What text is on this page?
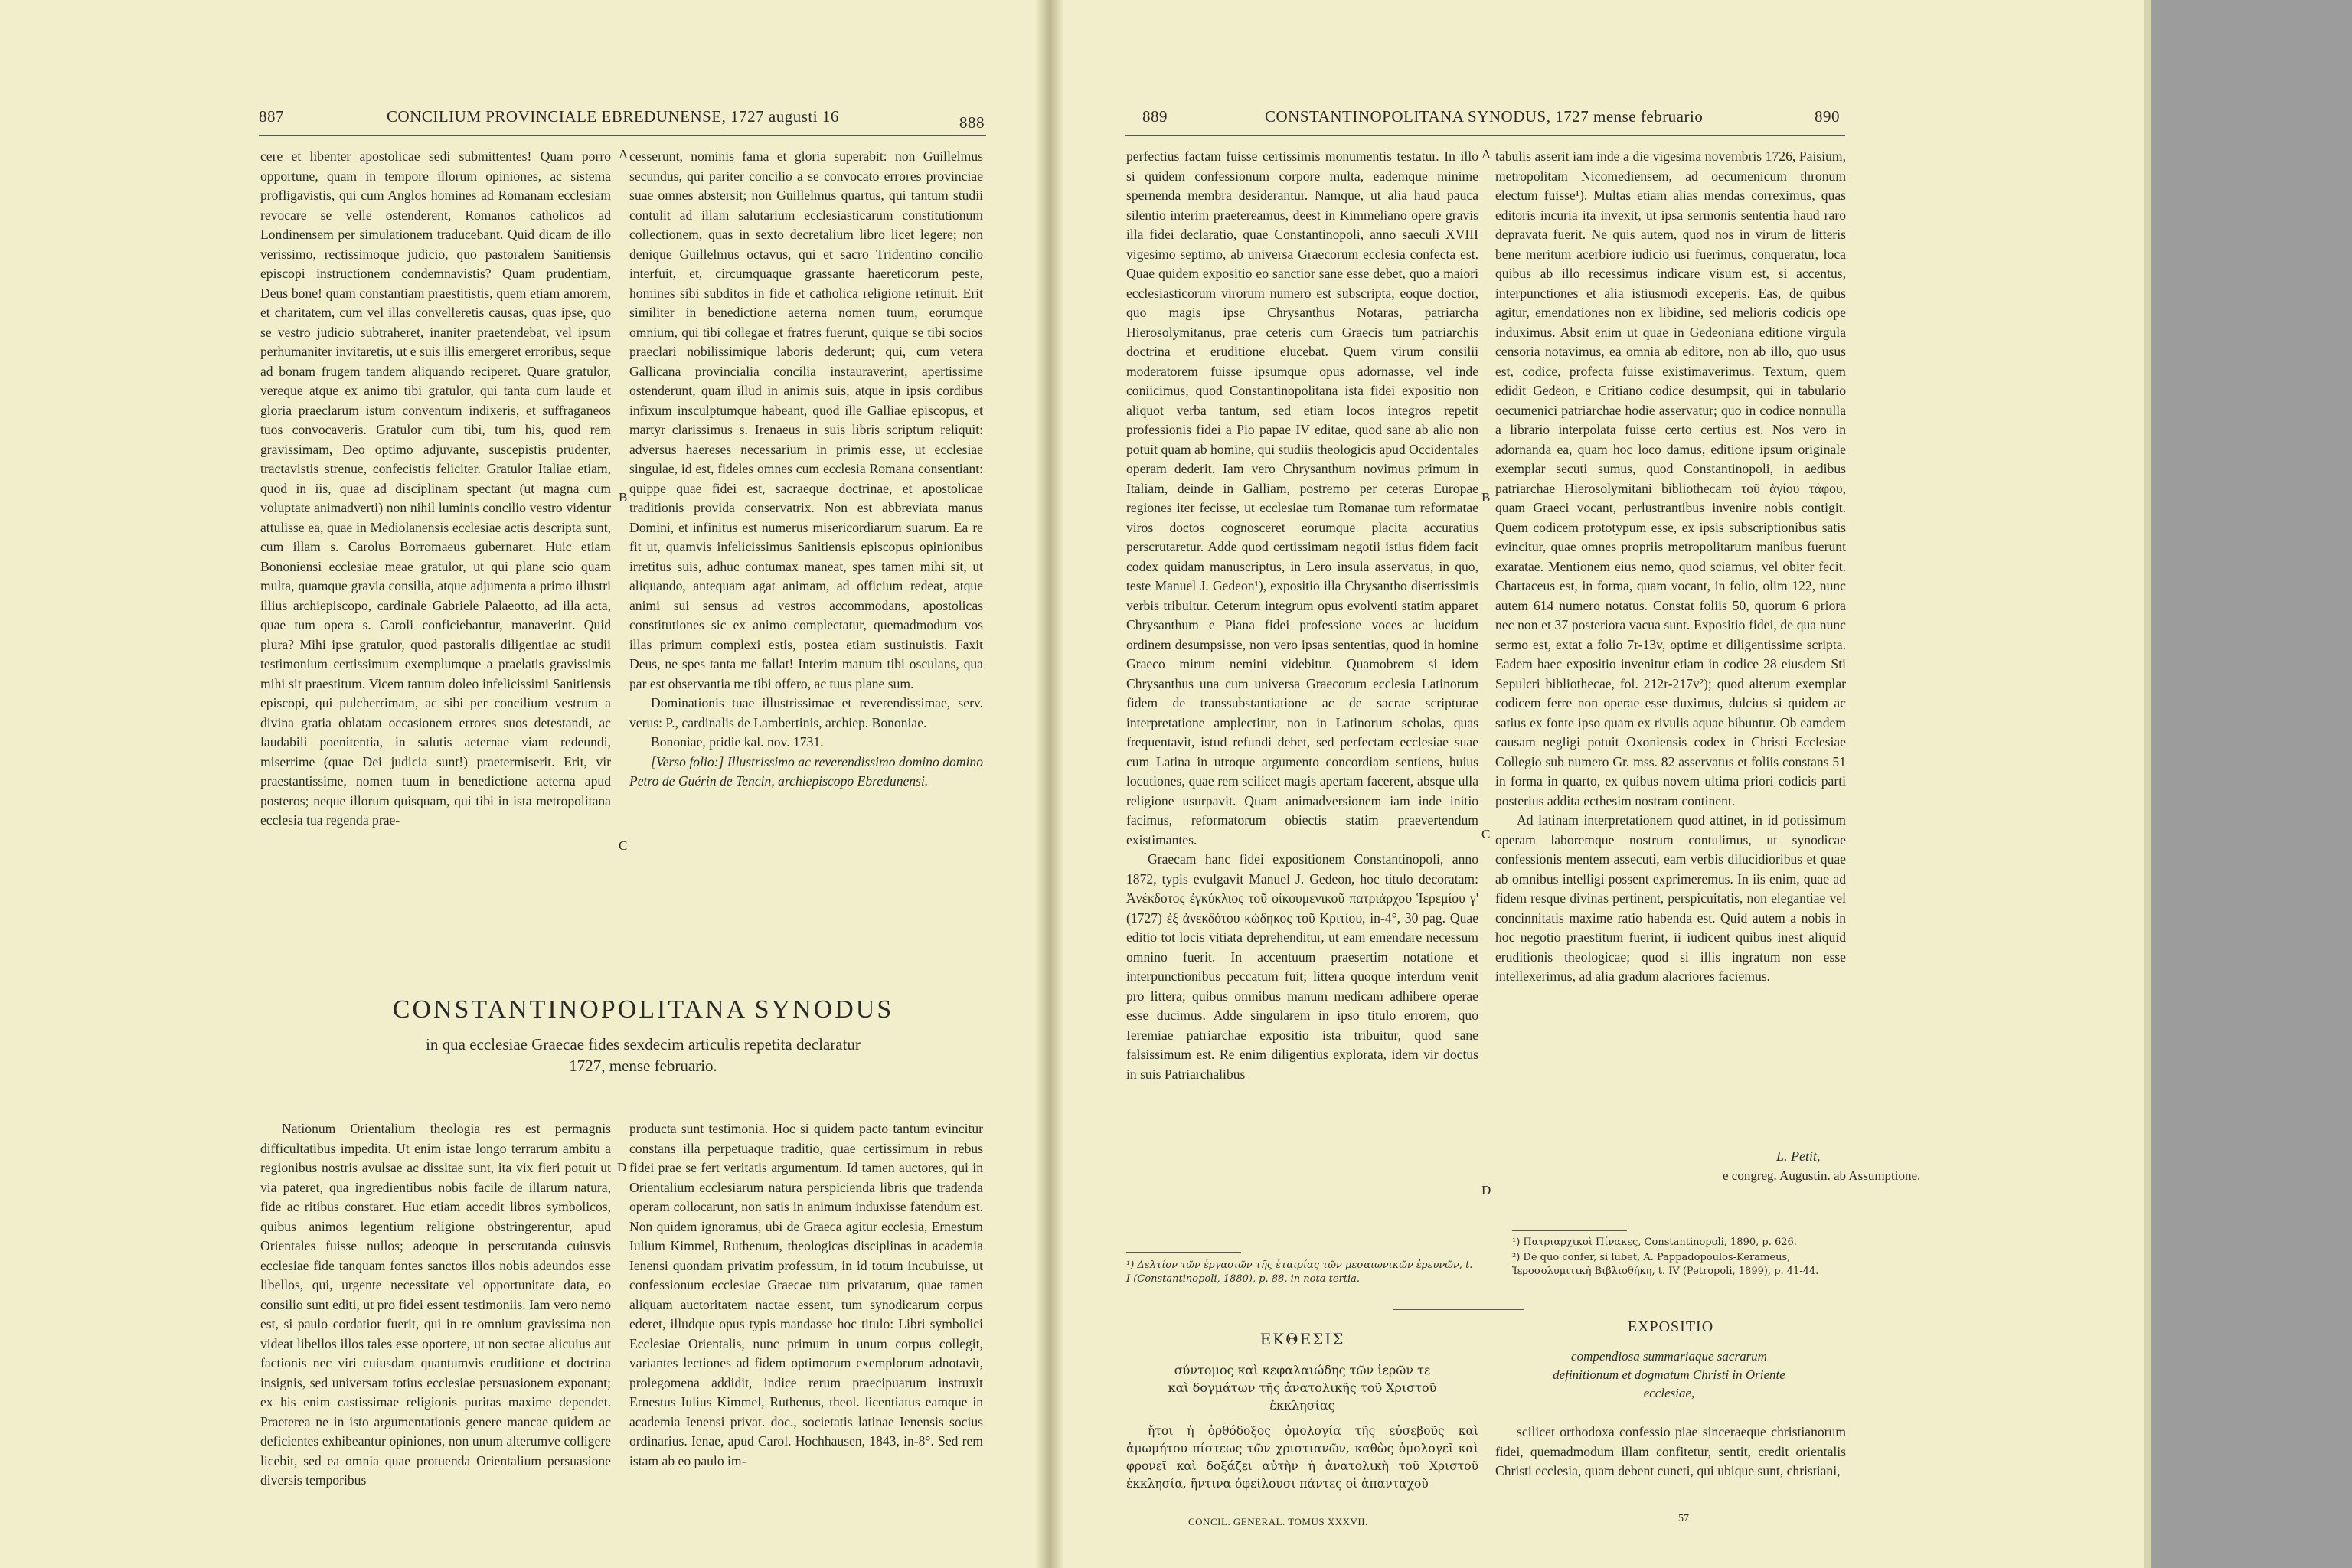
887	CONCILIUM PROVINCIALE EBREDUNENSE, 1727 augusti 16	888

cere et libenter apostolicae sedi submittentes! Quam porro opportune, quam in tempore illorum opiniones, ac sistema profligavistis, qui cum Anglos homines ad Romanam ecclesiam revocare se velle ostenderent, Romanos catholicos ad Londinensem per simulationem traducebant. Quid dicam de illo verissimo, rectissimoque judicio, quo pastoralem Sanitiensis episcopi instructionem condemnavistis? Quam prudentiam, Deus bone! quam constantiam praestitistis, quem etiam amorem, et charitatem, cum vel illas convelleretis causas, quas ipse, quo se vestro judicio subtraheret, inaniter praetendebat, vel ipsum perhumaniter invitaretis, ut e suis illis emergeret erroribus, seque ad bonam frugem tandem aliquando reciperet. Quare gratulor, vereque atque ex animo tibi gratulor, qui tanta cum laude et gloria praeclarum istum conventum indixeris, et suffraganeos tuos convocaveris. Gratulor cum tibi, tum his, quod rem gravissimam, Deo optimo adjuvante, suscepistis prudenter, tractavistis strenue, confecistis feliciter. Gratulor Italiae etiam, quod in iis, quae ad disciplinam spectant (ut magna cum voluptate animadverti) non nihil luminis concilio vestro videntur attulisse ea, quae in Mediolanensis ecclesiae actis descripta sunt, cum illam s. Carolus Borromaeus gubernaret. Huic etiam Bononiensi ecclesiae meae gratulor, ut qui plane scio quam multa, quamque gravia consilia, atque adjumenta a primo illustri illius archiepiscopo, cardinale Gabriele Palaeotto, ad illa acta, quae tum opera s. Caroli conficiebantur, manaverint. Quid plura? Mihi ipse gratulor, quod pastoralis diligentiae ac studii testimonium certissimum exemplumque a praelatis gravissimis mihi sit praestitum. Vicem tantum doleo infelicissimi Sanitiensis episcopi, qui pulcherrimam, ac sibi per concilium vestrum a divina gratia oblatam occasionem errores suos detestandi, ac laudabili poenitentia, in salutis aeternae viam redeundi, miserrime (quae Dei judicia sunt!) praetermiserit. Erit, vir praestantissime, nomen tuum in benedictione aeterna apud posteros; neque illorum quisquam, qui tibi in ista metropolitana ecclesia tua regenda prae-

A
B
C
D

cesserunt, nominis fama et gloria superabit: non Guillelmus secundus, qui pariter concilio a se convocato errores provinciae suae omnes abstersit; non Guillelmus quartus, qui tantum studii contulit ad illam salutarium ecclesiasticarum constitutionum collectionem, quas in sexto decretalium libro licet legere; non denique Guillelmus octavus, qui et sacro Tridentino concilio interfuit, et, circumquaque grassante haereticorum peste, homines sibi subditos in fide et catholica religione retinuit. Erit similiter in benedictione aeterna nomen tuum, eorumque omnium, qui tibi collegae et fratres fuerunt, quique se tibi socios praeclari nobilissimique laboris dederunt; qui, cum vetera Gallicana provincialia concilia instauraverint, apertissime ostenderunt, quam illud in animis suis, atque in ipsis cordibus infixum insculptumque habeant, quod ille Galliae episcopus, et martyr clarissimus s. Irenaeus in suis libris scriptum reliquit: adversus haereses necessarium in primis esse, ut ecclesiae singulae, id est, fideles omnes cum ecclesia Romana consentiant: quippe quae fidei est, sacraeque doctrinae, et apostolicae traditionis provida conservatrix. Non est abbreviata manus Domini, et infinitus est numerus misericordiarum suarum. Ea re fit ut, quamvis infelicissimus Sanitiensis episcopus opinionibus irretitus suis, adhuc contumax maneat, spes tamen mihi sit, ut aliquando, antequam agat animam, ad officium redeat, atque animi sui sensus ad vestros accommodans, apostolicas constitutiones sic ex animo complectatur, quemadmodum vos illas primum complexi estis, postea etiam sustinuistis. Faxit Deus, ne spes tanta me fallat! Interim manum tibi osculans, qua par est observantia me tibi offero, ac tuus plane sum.

Dominationis tuae illustrissimae et reverendissimae, serv. verus: P., cardinalis de Lambertinis, archiep. Bononiae.

Bononiae, pridie kal. nov. 1731.

[Verso folio:] Illustrissimo ac reverendissimo domino domino Petro de Guérin de Tencin, archiepiscopo Ebredunensi.

CONSTANTINOPOLITANA SYNODUS
in qua ecclesiae Graecae fides sexdecim articulis repetita declaratur
1727, mense februario.

Nationum Orientalium theologia res est permagnis difficultatibus impedita. Ut enim istae longo terrarum ambitu a regionibus nostris avulsae ac dissitae sunt, ita vix fieri potuit ut via pateret, qua ingredientibus nobis facile de illarum natura, fide ac ritibus constaret. Huc etiam accedit libros symbolicos, quibus animos legentium religione obstringerentur, apud Orientales fuisse nullos; adeoque in perscrutanda cuiusvis ecclesiae fide tanquam fontes sanctos illos nobis adeundos esse libellos, qui, urgente necessitate vel opportunitate data, eo consilio sunt editi, ut pro fidei essent testimoniis. Iam vero nemo est, si paulo cordatior fuerit, qui in re omnium gravissima non videat libellos illos tales esse oportere, ut non sectae alicuius aut factionis nec viri cuiusdam quantumvis eruditione et doctrina insignis, sed universam totius ecclesiae persuasionem exponant; ex his enim castissimae religionis puritas maxime dependet. Praeterea ne in isto argumentationis genere mancae quidem ac deficientes exhibeantur opiniones, non unum alterumve colligere licebit, sed ea omnia quae protuenda Orientalium persuasione diversis temporibus

producta sunt testimonia. Hoc si quidem pacto tantum evincitur constans illa perpetuaque traditio, quae certissimum in rebus fidei prae se fert veritatis argumentum. Id tamen auctores, qui in Orientalium ecclesiarum natura perspicienda libris que tradenda operam collocarunt, non satis in animum induxisse fatendum est. Non quidem ignoramus, ubi de Graeca agitur ecclesia, Ernestum Iulium Kimmel, Ruthenum, theologicas disciplinas in academia Ienensi quondam privatim professum, in id totum incubuisse, ut confessionum ecclesiae Graecae tum privatarum, quae tamen aliquam auctoritatem nactae essent, tum synodicarum corpus ederet, illudque opus typis mandasse hoc titulo: Libri symbolici Ecclesiae Orientalis, nunc primum in unum corpus collegit, variantes lectiones ad fidem optimorum exemplorum adnotavit, prolegomena addidit, indice rerum praecipuarum instruxit Ernestus Iulius Kimmel, Ruthenus, theol. licentiatus eamque in academia Ienensi privat. doc., societatis latinae Ienensis socius ordinarius. Ienae, apud Carol. Hochhausen, 1843, in-8°. Sed rem istam ab eo paulo im-

889	CONSTANTINOPOLITANA SYNODUS, 1727 mense februario	890

perfectius factam fuisse certissimis monumentis testatur. In illo si quidem confessionum corpore multa, eademque minime spernenda membra desiderantur. Namque, ut alia haud pauca silentio interim praetereamus, deest in Kimmeliano opere gravis illa fidei declaratio, quae Constantinopoli, anno saeculi XVIII vigesimo septimo, ab universa Graecorum ecclesia confecta est. Quae quidem expositio eo sanctior sane esse debet, quo a maiori ecclesiasticorum virorum numero est subscripta, eoque doctior, quo magis ipse Chrysanthus Notaras, patriarcha Hierosolymitanus, prae ceteris cum Graecis tum patriarchis doctrina et eruditione elucebat. Quem virum consilii moderatorem fuisse ipsumque opus adornasse, vel inde coniicimus, quod Constantinopolitana ista fidei expositio non aliquot verba tantum, sed etiam locos integros repetit professionis fidei a Pio papae IV editae, quod sane ab alio non potuit quam ab homine, qui studiis theologicis apud Occidentales operam dederit. Iam vero Chrysanthum novimus primum in Italiam, deinde in Galliam, postremo per ceteras Europae regiones iter fecisse, ut ecclesiae tum Romanae tum reformatae viros doctos cognosceret eorumque placita accuratius perscrutaretur. Adde quod certissimam negotii istius fidem facit codex quidam manuscriptus, in Lero insula asservatus, in quo, teste Manuel J. Gedeon¹), expositio illa Chrysantho disertissimis verbis tribuitur. Ceterum integrum opus evolventi statim apparet Chrysanthum e Piana fidei professione voces ac lucidum ordinem desumpsisse, non vero ipsas sententias, quod in homine Graeco mirum nemini videbitur. Quamobrem si idem Chrysanthus una cum universa Graecorum ecclesia Latinorum fidem de transsubstantiatione ac de sacrae scripturae interpretatione amplectitur, non in Latinorum scholas, quas frequentavit, istud refundi debet, sed perfectam ecclesiae suae cum Latina in utroque argumento concordiam sentiens, huius locutiones, quae rem scilicet magis apertam facerent, absque ulla religione usurpavit. Quam animadversionem iam inde initio facimus, reformatorum obiectis statim praevertendum existimantes.

Graecam hanc fidei expositionem Constantinopoli, anno 1872, typis evulgavit Manuel J. Gedeon, hoc titulo decoratam: Ἀνέκδοτος ἐγκύκλιος τοῦ οἰκουμενικοῦ πατριάρχου Ἱερεμίου γ' (1727) ἐξ ἀνεκδότου κώδηκος τοῦ Κριτίου, in-4°, 30 pag. Quae editio tot locis vitiata deprehenditur, ut eam emendare necessum omnino fuerit. In accentuum praesertim notatione et interpunctionibus peccatum fuit; littera quoque interdum venit pro littera; quibus omnibus manum medicam adhibere operae esse ducimus. Adde singularem in ipso titulo errorem, quo Ieremiae patriarchae expositio ista tribuitur, quod sane falsissimum est. Re enim diligentius explorata, idem vir doctus in suis Patriarchalibus

¹) Δελτίον τῶν ἐργασιῶν τῆς ἑταιρίας τῶν μεσαιωνικῶν ἐρευνῶν, t. I (Constantinopoli, 1880), p. 88, in nota tertia.
A
B
C
D

tabulis asserit iam inde a die vigesima novembris 1726, Paisium, metropolitam Nicomediensem, ad oecumenicum thronum electum fuisse¹). Multas etiam alias mendas correximus, quas editoris incuria ita invexit, ut ipsa sermonis sententia haud raro depravata fuerit. Ne quis autem, quod nos in virum de litteris bene meritum acerbiore iudicio usi fuerimus, conqueratur, loca quibus ab illo recessimus indicare visum est, si accentus, interpunctiones et alia istiusmodi exceperis. Eas, de quibus agitur, emendationes non ex libidine, sed melioris codicis ope induximus. Absit enim ut quae in Gedeoniana editione virgula censoria notavimus, ea omnia ab editore, non ab illo, quo usus est, codice, profecta fuisse existimaverimus. Textum, quem edidit Gedeon, e Critiano codice desumpsit, qui in tabulario oecumenici patriarchae hodie asservatur; quo in codice nonnulla a librario interpolata fuisse certo certius est. Nos vero in adornanda ea, quam hoc loco damus, editione ipsum originale exemplar secuti sumus, quod Constantinopoli, in aedibus patriarchae Hierosolymitani bibliothecam τοῦ ἁγίου τάφου, quam Graeci vocant, perlustrantibus invenire nobis contigit. Quem codicem prototypum esse, ex ipsis subscriptionibus satis evincitur, quae omnes propriis metropolitarum manibus fuerunt exaratae. Mentionem eius nemo, quod sciamus, vel obiter fecit. Chartaceus est, in forma, quam vocant, in folio, olim 122, nunc autem 614 numero notatus. Constat foliis 50, quorum 6 priora nec non et 37 posteriora vacua sunt. Expositio fidei, de qua nunc sermo est, extat a folio 7r-13v, optime et diligentissime scripta. Eadem haec expositio invenitur etiam in codice 28 eiusdem Sti Sepulcri bibliothecae, fol. 212r-217v²); quod alterum exemplar codicem ferre non operae esse duximus, dulcius si quidem ac satius ex fonte ipso quam ex rivulis aquae bibuntur. Ob eamdem causam negligi potuit Oxoniensis codex in Christi Ecclesiae Collegio sub numero Gr. mss. 82 asservatus et foliis constans 51 in forma in quarto, ex quibus novem ultima priori codicis parti posterius addita ecthesim nostram continent.

Ad latinam interpretationem quod attinet, in id potissimum operam laboremque nostrum contulimus, ut synodicae confessionis mentem assecuti, eam verbis dilucidioribus et quae ab omnibus intelligi possent exprimeremus. In iis enim, quae ad fidem resque divinas pertinent, perspicuitatis, non elegantiae vel concinnitatis maxime ratio habenda est. Quid autem a nobis in hoc negotio praestitum fuerint, ii iudicent quibus inest aliquid eruditionis theologicae; quod si illis ingratum non esse intellexerimus, ad alia gradum alacriores faciemus.

L. Petit,
e congreg. Augustin. ab Assumptione.
¹) Πατριαρχικοὶ Πίνακες, Constantinopoli, 1890, p. 626.
²) De quo confer, si lubet, A. Pappadopoulos-Kerameus, Ἱεροσολυμιτικὴ Βιβλιοθήκη, t. IV (Petropoli, 1899), p. 41-44.
ΕΚΘΕΣΙΣ
σύντομος καὶ κεφαλαιώδης τῶν ἱερῶν τε
καὶ δογμάτων τῆς ἀνατολικῆς τοῦ Χριστοῦ
ἐκκλησίας

ἤτοι ἡ ὀρθόδοξος ὁμολογία τῆς εὐσεβοῦς καὶ ἀμωμήτου πίστεως τῶν χριστιανῶν, καθὼς ὁμολογεῖ καὶ φρονεῖ καὶ δοξάζει αὐτὴν ἡ ἀνατολικὴ τοῦ Χριστοῦ ἐκκλησία, ἥντινα ὀφείλουσι πάντες οἱ ἁπανταχοῦ

EXPOSITIO
compendiosa summariaque sacrarum definitionum et dogmatum Christi in Oriente ecclesiae,

scilicet orthodoxa confessio piae sinceraeque christianorum fidei, quemadmodum illam confitetur, sentit, credit orientalis Christi ecclesia, quam debent cuncti, qui ubique sunt, christiani,

CONCIL. GENERAL. TOMUS XXXVII.	57
